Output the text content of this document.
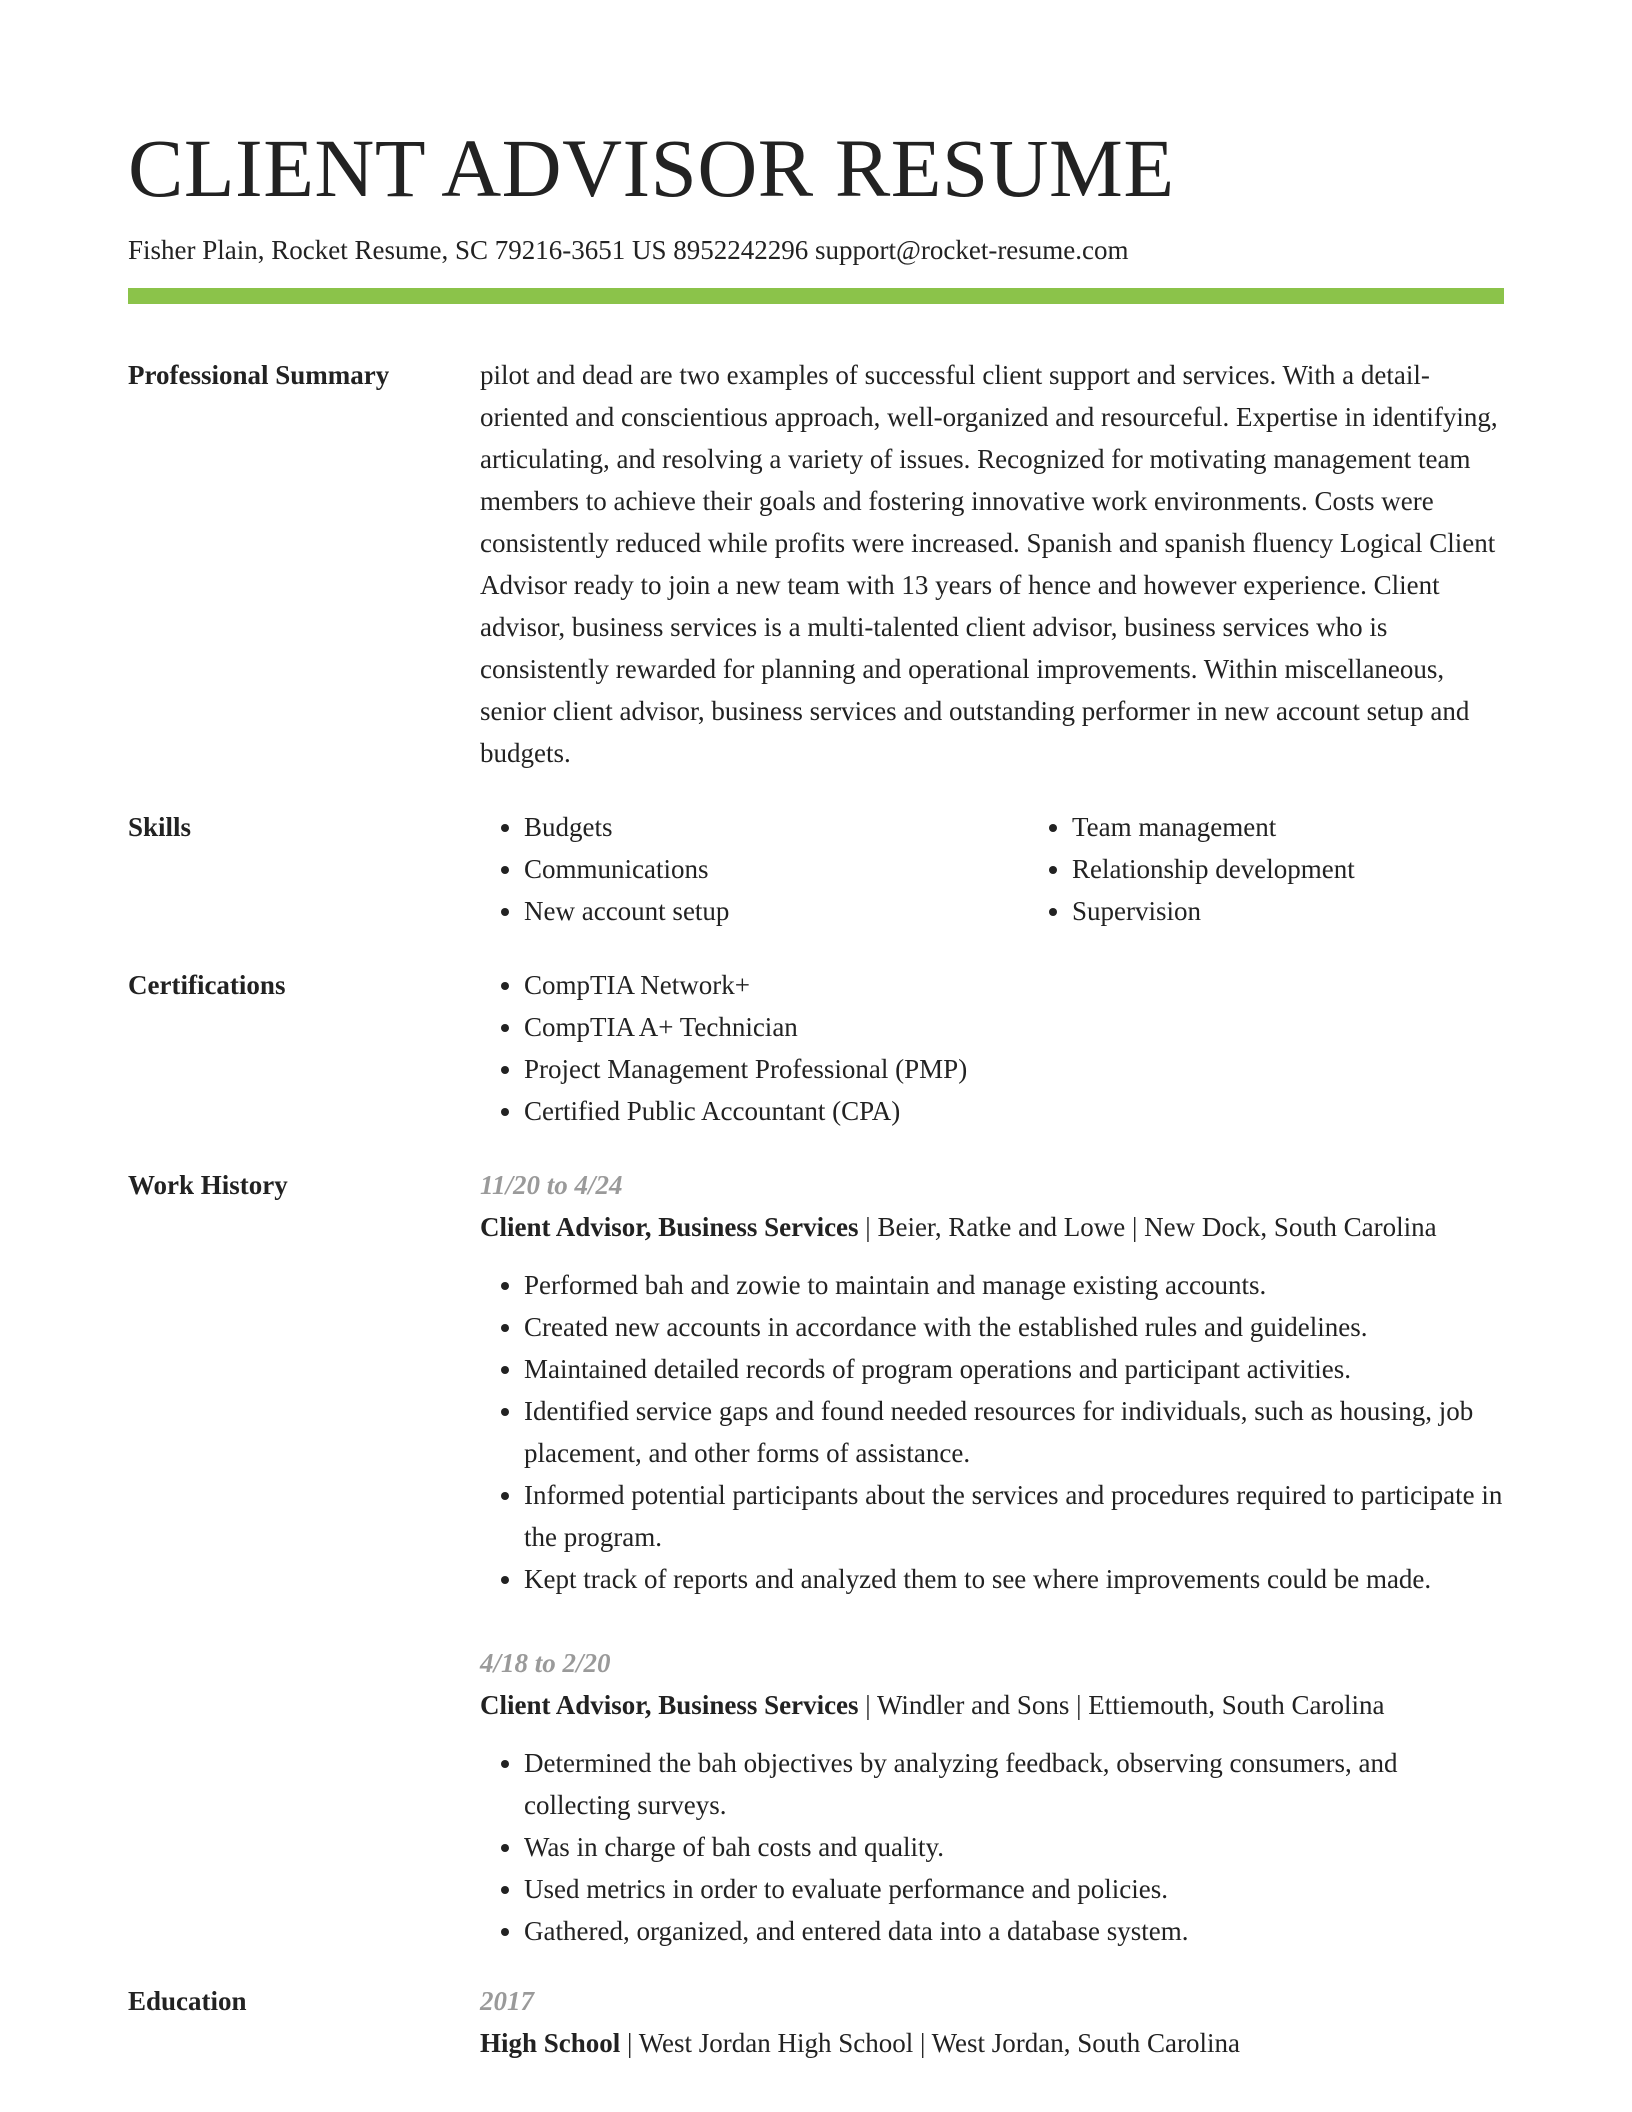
CLIENT ADVISOR RESUME
Fisher Plain, Rocket Resume, SC 79216-3651 US 8952242296 support@rocket-resume.com
Professional Summary	pilot and dead are two examples of successful client support and services. With a detail-oriented and conscientious approach, well-organized and resourceful. Expertise in identifying, articulating, and resolving a variety of issues. Recognized for motivating management team members to achieve their goals and fostering innovative work environments. Costs were consistently reduced while profits were increased. Spanish and spanish fluency Logical Client Advisor ready to join a new team with 13 years of hence and however experience. Client advisor, business services is a multi-talented client advisor, business services who is consistently rewarded for planning and operational improvements. Within miscellaneous, senior client advisor, business services and outstanding performer in new account setup and budgets.

Skills	• Budgets
• Communications
• New account setup
• Team management
• Relationship development
• Supervision
Certifications	• CompTIA Network+
• CompTIA A+ Technician
• Project Management Professional (PMP)
• Certified Public Accountant (CPA)
Work History	11/20 to 4/24
Client Advisor, Business Services | Beier, Ratke and Lowe | New Dock, South Carolina
• Performed bah and zowie to maintain and manage existing accounts.
• Created new accounts in accordance with the established rules and guidelines.
• Maintained detailed records of program operations and participant activities.
• Identified service gaps and found needed resources for individuals, such as housing, job placement, and other forms of assistance.
• Informed potential participants about the services and procedures required to participate in the program.
• Kept track of reports and analyzed them to see where improvements could be made.
4/18 to 2/20
Client Advisor, Business Services | Windler and Sons | Ettiemouth, South Carolina
• Determined the bah objectives by analyzing feedback, observing consumers, and collecting surveys.
• Was in charge of bah costs and quality.
• Used metrics in order to evaluate performance and policies.
• Gathered, organized, and entered data into a database system.
Education	2017
High School | West Jordan High School | West Jordan, South Carolina
